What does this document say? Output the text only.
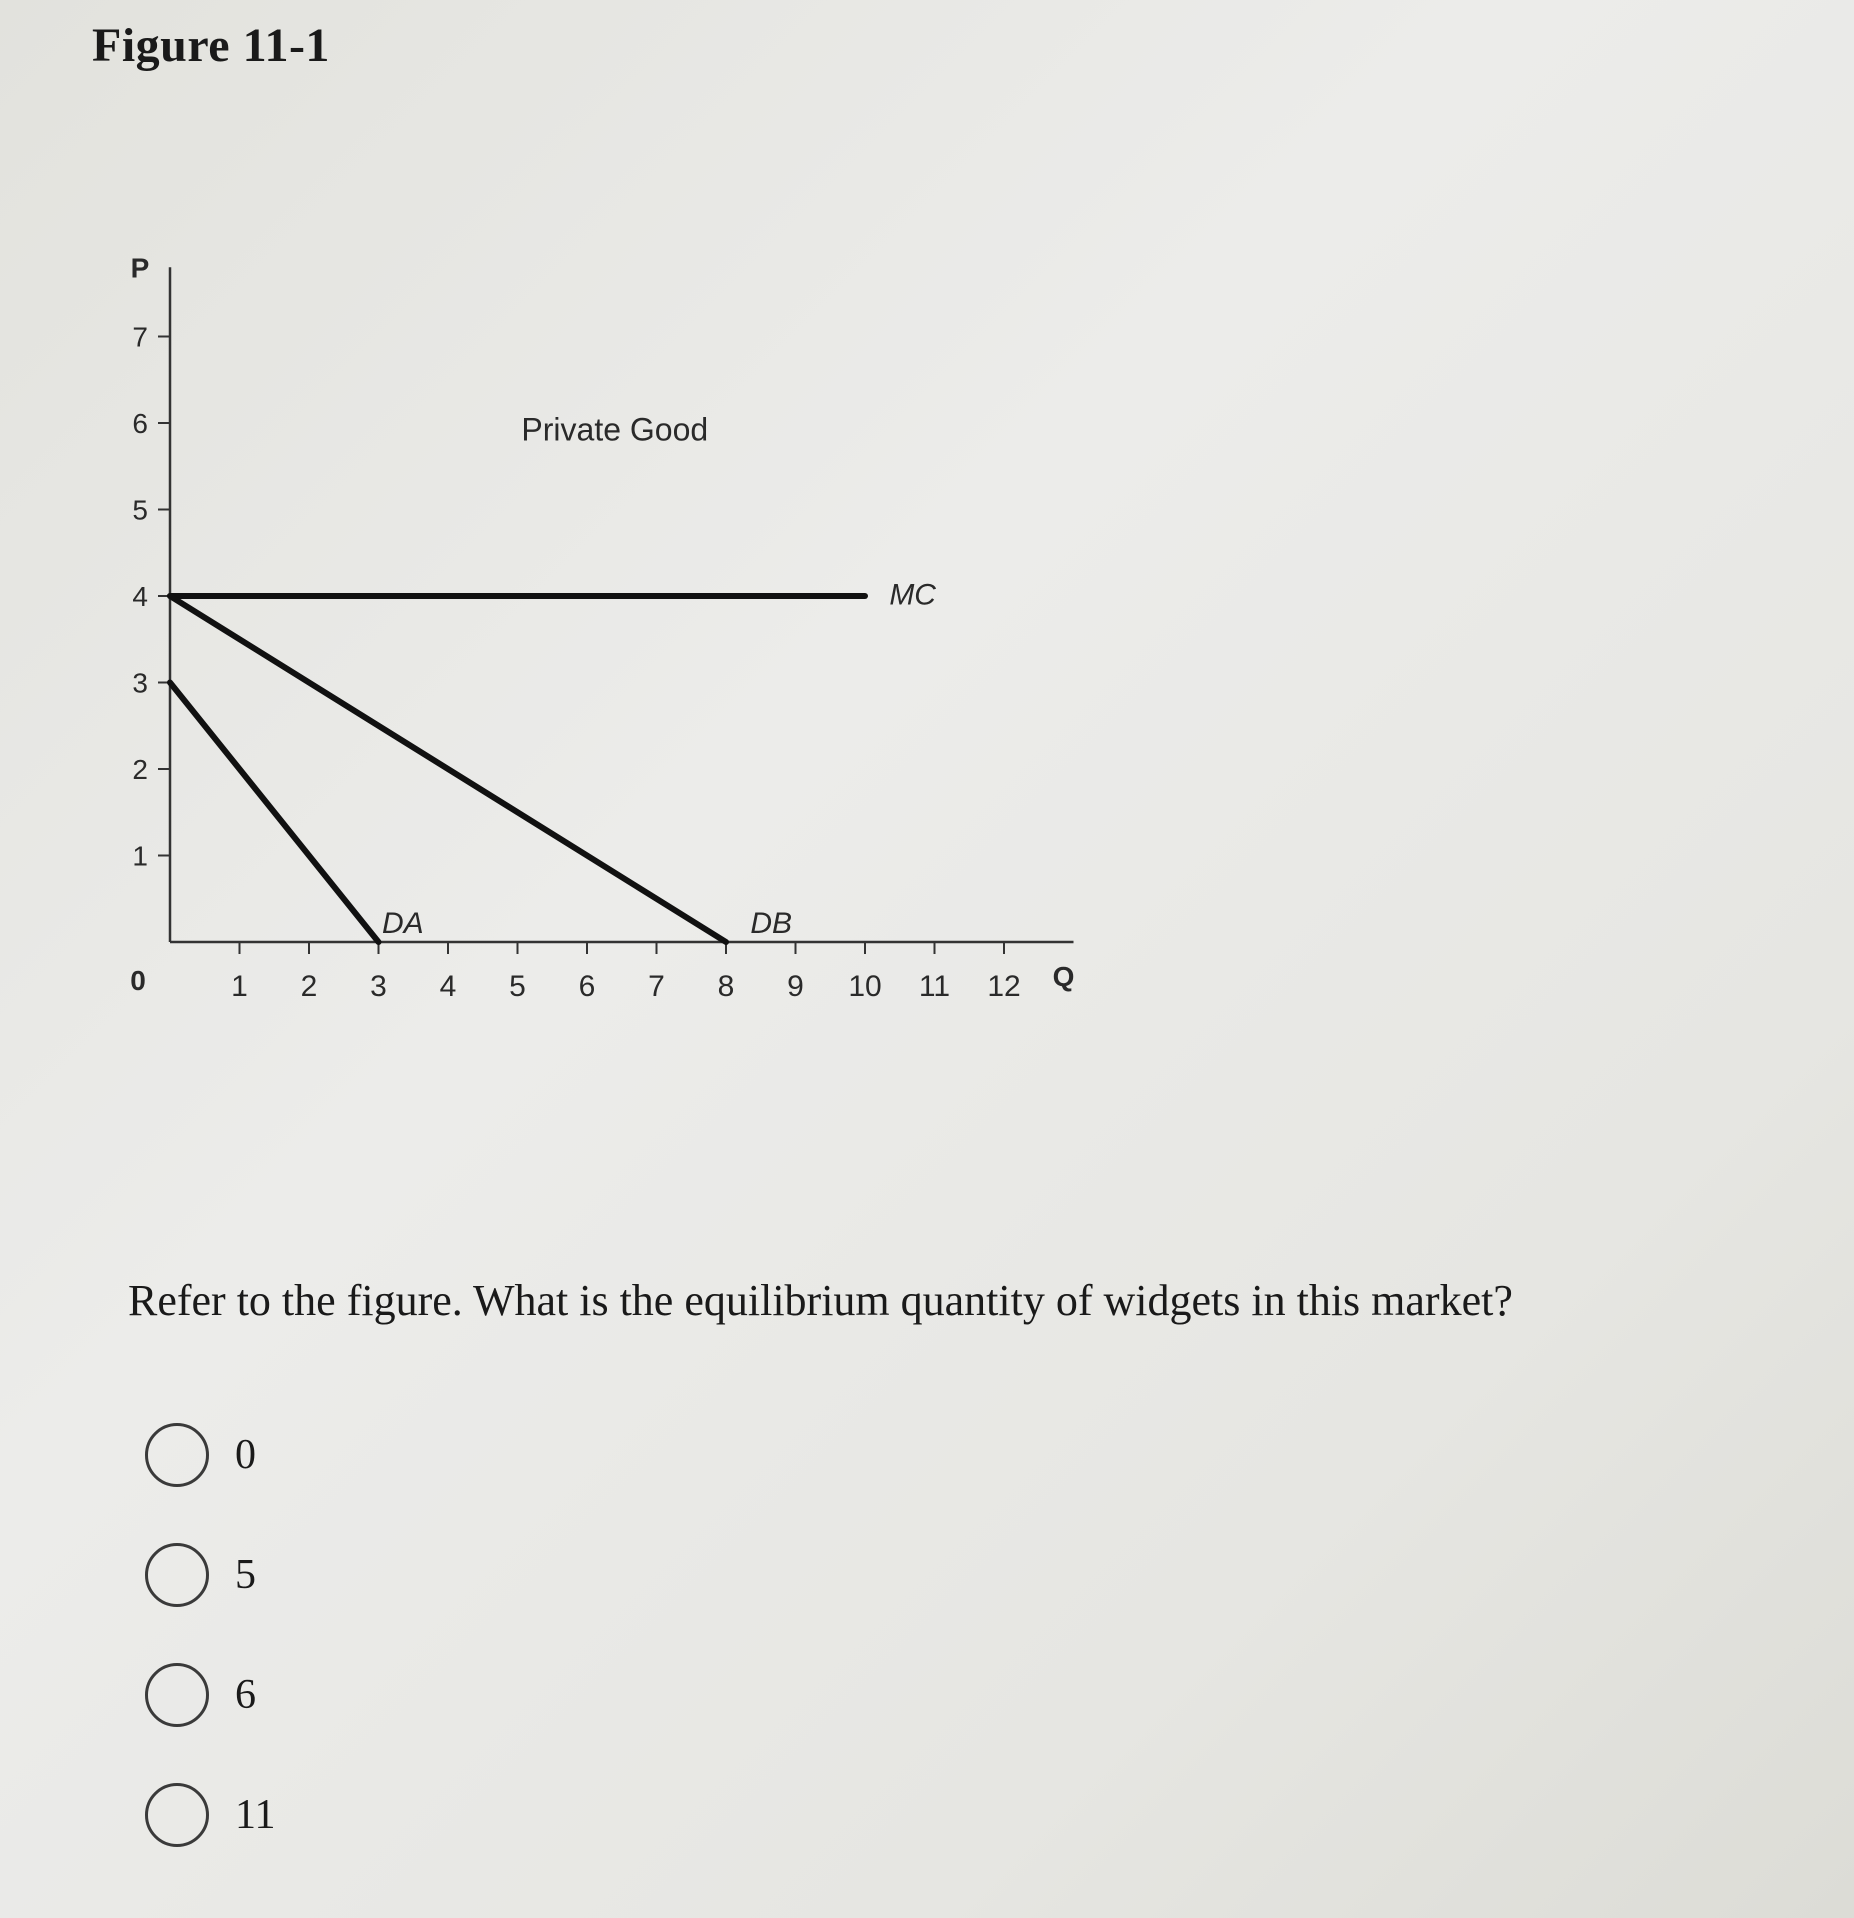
Figure 11-1
1
2
3
4
5
6
7
1 2 3 4 5 6 7 8 9 10 11 12
0
P
Q
Private Good
MC
DA	DB
Refer to the figure. What is the equilibrium quantity of widgets in this market?
0
5
6
11
